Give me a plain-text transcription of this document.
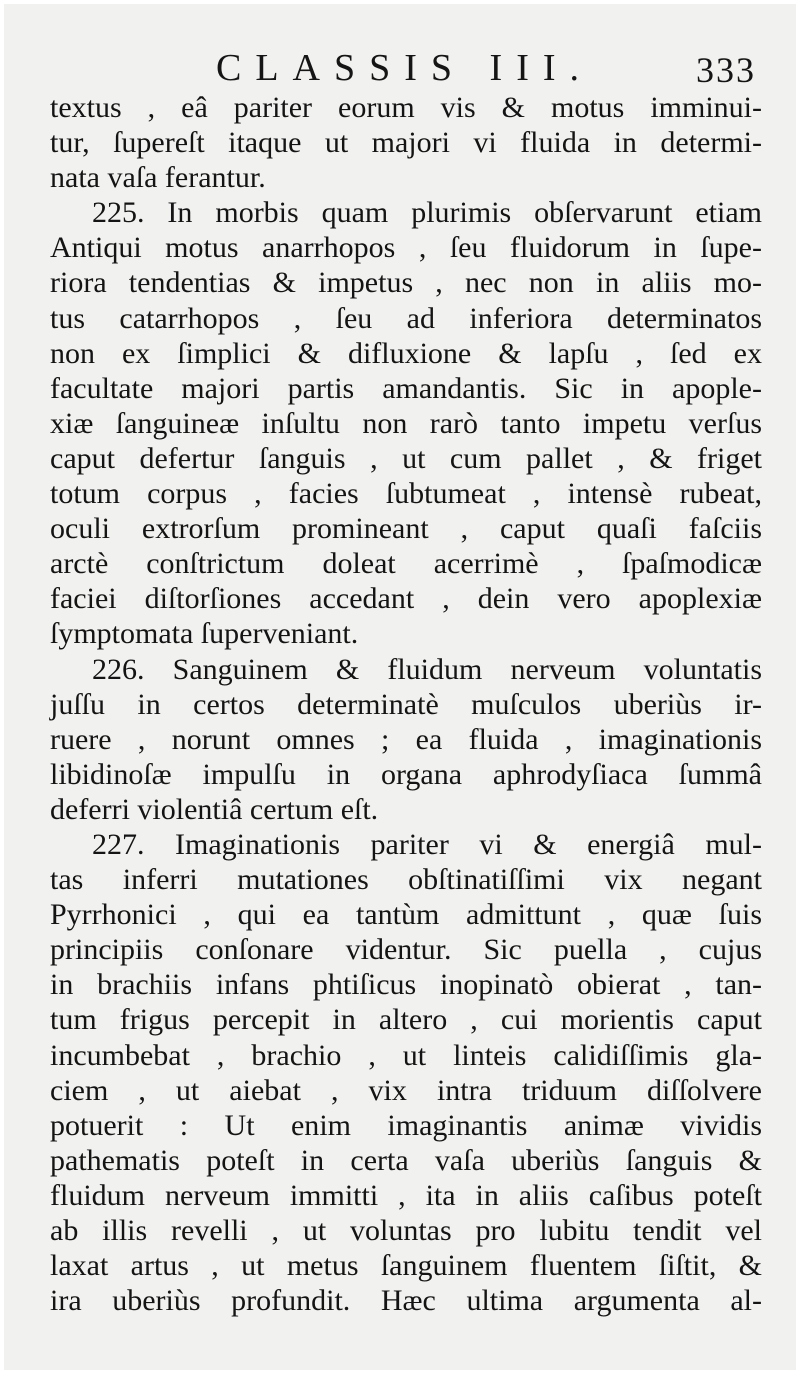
CLASSIS III.	333
textus , eâ pariter eorum vis & motus imminui-
tur, ſupereſt itaque ut majori vi fluida in determi-
nata vaſa ferantur.
225. In morbis quam plurimis obſervarunt etiam
Antiqui motus anarrhopos , ſeu fluidorum in ſupe-
riora tendentias & impetus , nec non in aliis mo-
tus catarrhopos , ſeu ad inferiora determinatos
non ex ſimplici & difluxione & lapſu , ſed ex
facultate majori partis amandantis. Sic in apople-
xiæ ſanguineæ inſultu non rarò tanto impetu verſus
caput defertur ſanguis , ut cum pallet , & friget
totum corpus , facies ſubtumeat , intensè rubeat,
oculi extrorſum promineant , caput quaſi faſciis
arctè conſtrictum doleat acerrimè , ſpaſmodicæ
faciei diſtorſiones accedant , dein vero apoplexiæ
ſymptomata ſuperveniant.
226. Sanguinem & fluidum nerveum voluntatis
juſſu in certos determinatè muſculos uberiùs ir-
ruere , norunt omnes ; ea fluida , imaginationis
libidinoſæ impulſu in organa aphrodyſiaca ſummâ
deferri violentiâ certum eſt.
227. Imaginationis pariter vi & energiâ mul-
tas inferri mutationes obſtinatiſſimi vix negant
Pyrrhonici , qui ea tantùm admittunt , quæ ſuis
principiis conſonare videntur. Sic puella , cujus
in brachiis infans phtiſicus inopinatò obierat , tan-
tum frigus percepit in altero , cui morientis caput
incumbebat , brachio , ut linteis calidiſſimis gla-
ciem , ut aiebat , vix intra triduum diſſolvere
potuerit : Ut enim imaginantis animæ vividis
pathematis poteſt in certa vaſa uberiùs ſanguis &
fluidum nerveum immitti , ita in aliis caſibus poteſt
ab illis revelli , ut voluntas pro lubitu tendit vel
laxat artus , ut metus ſanguinem fluentem ſiſtit, &
ira uberiùs profundit. Hæc ultima argumenta al-
